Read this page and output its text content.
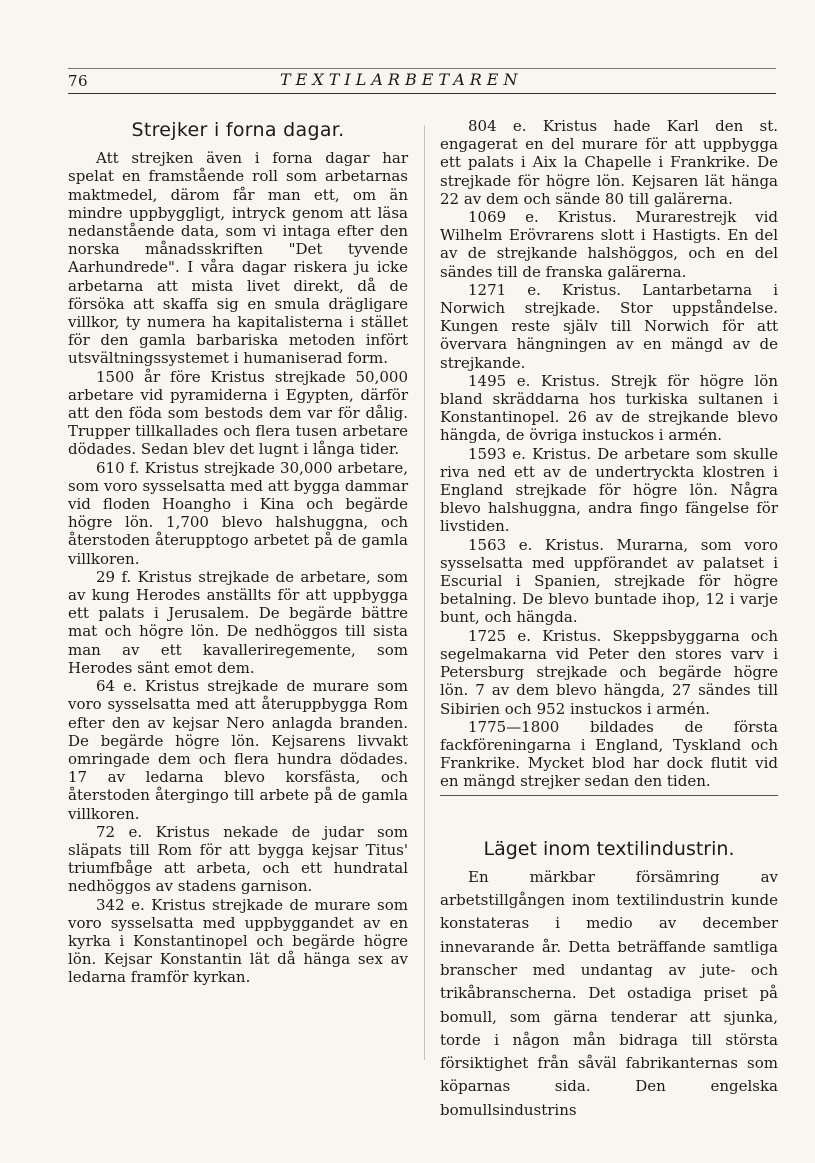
76	TEXTILARBETAREN
Strejker i forna dagar.

Att strejken även i forna dagar har spelat en framstående roll som arbetarnas maktmedel, därom får man ett, om än mindre uppbyggligt, intryck genom att läsa nedanstående data, som vi intaga efter den norska månadsskriften "Det tyvende Aarhundrede". I våra dagar riskera ju icke arbetarna att mista livet direkt, då de försöka att skaffa sig en smula drägligare villkor, ty numera ha kapitalisterna i stället för den gamla barbariska metoden infört utsvältningssystemet i humaniserad form.

1500 år före Kristus strejkade 50,000 arbetare vid pyramiderna i Egypten, därför att den föda som bestods dem var för dålig. Trupper tillkallades och flera tusen arbetare dödades. Sedan blev det lugnt i långa tider.

610 f. Kristus strejkade 30,000 arbetare, som voro sysselsatta med att bygga dammar vid floden Hoangho i Kina och begärde högre lön. 1,700 blevo halshuggna, och återstoden återupptogo arbetet på de gamla villkoren.

29 f. Kristus strejkade de arbetare, som av kung Herodes anställts för att uppbygga ett palats i Jerusalem. De begärde bättre mat och högre lön. De nedhöggos till sista man av ett kavalleriregemente, som Herodes sänt emot dem.

64 e. Kristus strejkade de murare som voro sysselsatta med att återuppbygga Rom efter den av kejsar Nero anlagda branden. De begärde högre lön. Kejsarens livvakt omringade dem och flera hundra dödades. 17 av ledarna blevo korsfästa, och återstoden återgingo till arbete på de gamla villkoren.

72 e. Kristus nekade de judar som släpats till Rom för att bygga kejsar Titus' triumfbåge att arbeta, och ett hundratal nedhöggos av stadens garnison.

342 e. Kristus strejkade de murare som voro sysselsatta med uppbyggandet av en kyrka i Konstantinopel och begärde högre lön. Kejsar Konstantin lät då hänga sex av ledarna framför kyrkan.

804 e. Kristus hade Karl den st. engagerat en del murare för att uppbygga ett palats i Aix la Chapelle i Frankrike. De strejkade för högre lön. Kejsaren lät hänga 22 av dem och sände 80 till galärerna.

1069 e. Kristus. Murarestrejk vid Wilhelm Erövrarens slott i Hastigts. En del av de strejkande halshöggos, och en del sändes till de franska galärerna.

1271 e. Kristus. Lantarbetarna i Norwich strejkade. Stor uppståndelse. Kungen reste själv till Norwich för att övervara hängningen av en mängd av de strejkande.

1495 e. Kristus. Strejk för högre lön bland skräddarna hos turkiska sultanen i Konstantinopel. 26 av de strejkande blevo hängda, de övriga instuckos i armén.

1593 e. Kristus. De arbetare som skulle riva ned ett av de undertryckta klostren i England strejkade för högre lön. Några blevo halshuggna, andra fingo fängelse för livstiden.

1563 e. Kristus. Murarna, som voro sysselsatta med uppförandet av palatset i Escurial i Spanien, strejkade för högre betalning. De blevo buntade ihop, 12 i varje bunt, och hängda.

1725 e. Kristus. Skeppsbyggarna och segelmakarna vid Peter den stores varv i Petersburg strejkade och begärde högre lön. 7 av dem blevo hängda, 27 sändes till Sibirien och 952 instuckos i armén.

1775—1800 bildades de första fackföreningarna i England, Tyskland och Frankrike. Mycket blod har dock flutit vid en mängd strejker sedan den tiden.

Läget inom textilindustrin.

En märkbar försämring av arbetstillgången inom textilindustrin kunde konstateras i medio av december innevarande år. Detta beträffande samtliga branscher med undantag av jute- och trikåbranscherna. Det ostadiga priset på bomull, som gärna tenderar att sjunka, torde i någon mån bidraga till största försiktighet från såväl fabrikanternas som köparnas sida. Den engelska bomullsindustrins
